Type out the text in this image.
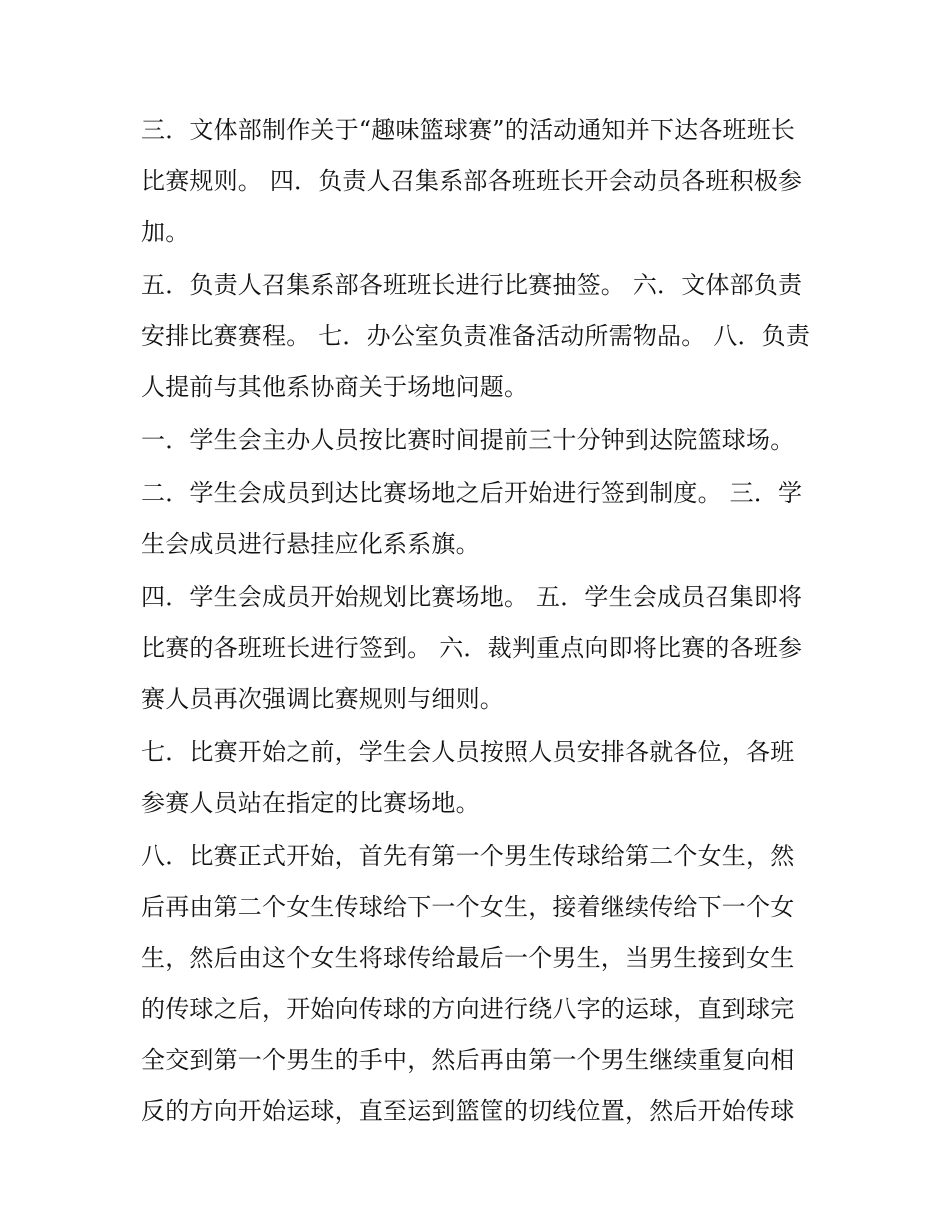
三．文体部制作关于“趣味篮球赛”的活动通知并下达各班班长比赛规则。 四．负责人召集系部各班班长开会动员各班积极参加。

五．负责人召集系部各班班长进行比赛抽签。 六．文体部负责安排比赛赛程。 七．办公室负责准备活动所需物品。 八．负责人提前与其他系协商关于场地问题。

一．学生会主办人员按比赛时间提前三十分钟到达院篮球场。

二．学生会成员到达比赛场地之后开始进行签到制度。 三．学生会成员进行悬挂应化系系旗。

四．学生会成员开始规划比赛场地。 五．学生会成员召集即将比赛的各班班长进行签到。 六．裁判重点向即将比赛的各班参赛人员再次强调比赛规则与细则。

七．比赛开始之前，学生会人员按照人员安排各就各位，各班参赛人员站在指定的比赛场地。

八．比赛正式开始，首先有第一个男生传球给第二个女生，然后再由第二个女生传球给下一个女生，接着继续传给下一个女生，然后由这个女生将球传给最后一个男生，当男生接到女生的传球之后，开始向传球的方向进行绕八字的运球，直到球完全交到第一个男生的手中，然后再由第一个男生继续重复向相反的方向开始运球，直至运到篮筐的切线位置，然后开始传球
